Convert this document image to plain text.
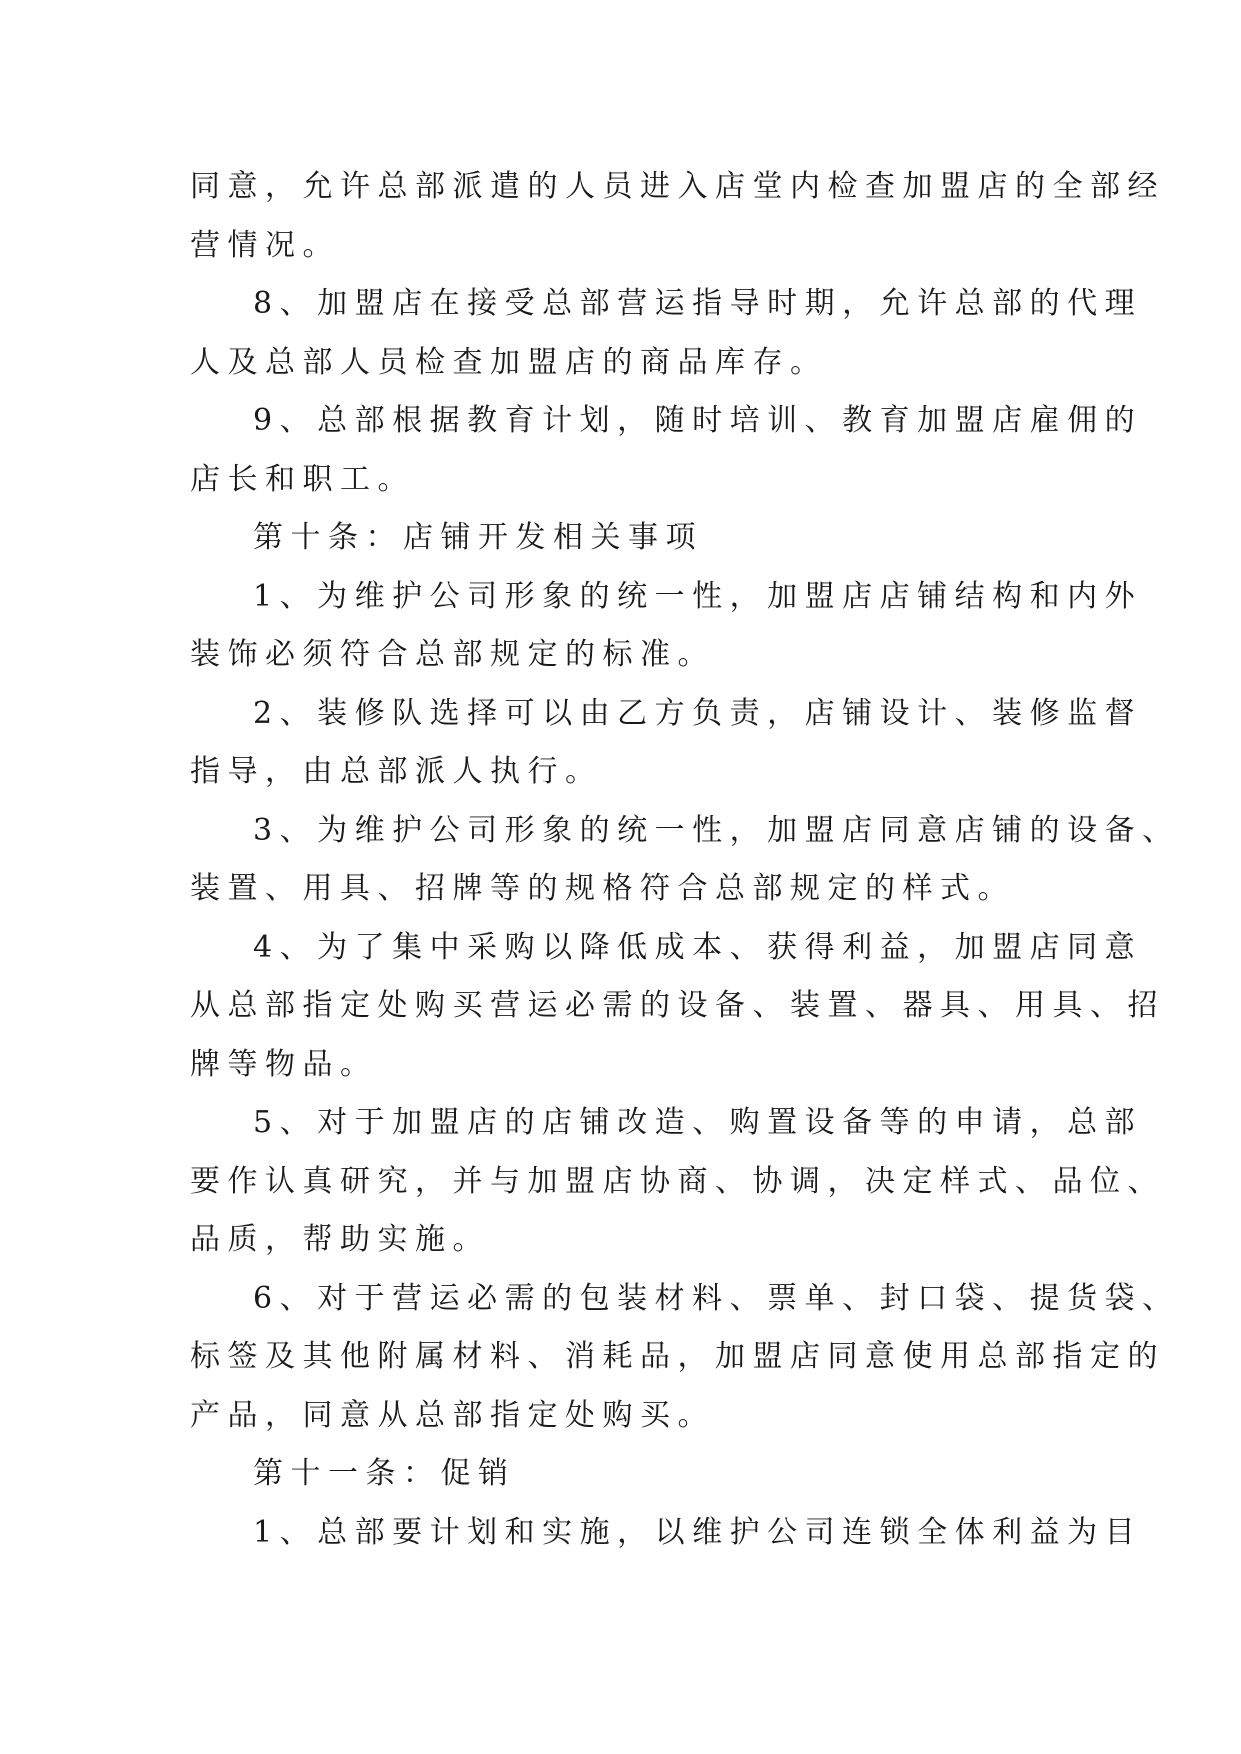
同意，允许总部派遣的人员进入店堂内检查加盟店的全部经

营情况。

8、加盟店在接受总部营运指导时期，允许总部的代理

人及总部人员检查加盟店的商品库存。

9、总部根据教育计划，随时培训、教育加盟店雇佣的

店长和职工。

第十条：店铺开发相关事项

1、为维护公司形象的统一性，加盟店店铺结构和内外

装饰必须符合总部规定的标准。

2、装修队选择可以由乙方负责，店铺设计、装修监督

指导，由总部派人执行。

3、为维护公司形象的统一性，加盟店同意店铺的设备、

装置、用具、招牌等的规格符合总部规定的样式。

4、为了集中采购以降低成本、获得利益，加盟店同意

从总部指定处购买营运必需的设备、装置、器具、用具、招

牌等物品。

5、对于加盟店的店铺改造、购置设备等的申请，总部

要作认真研究，并与加盟店协商、协调，决定样式、品位、

品质，帮助实施。

6、对于营运必需的包装材料、票单、封口袋、提货袋、

标签及其他附属材料、消耗品，加盟店同意使用总部指定的

产品，同意从总部指定处购买。

第十一条：促销

1、总部要计划和实施，以维护公司连锁全体利益为目
